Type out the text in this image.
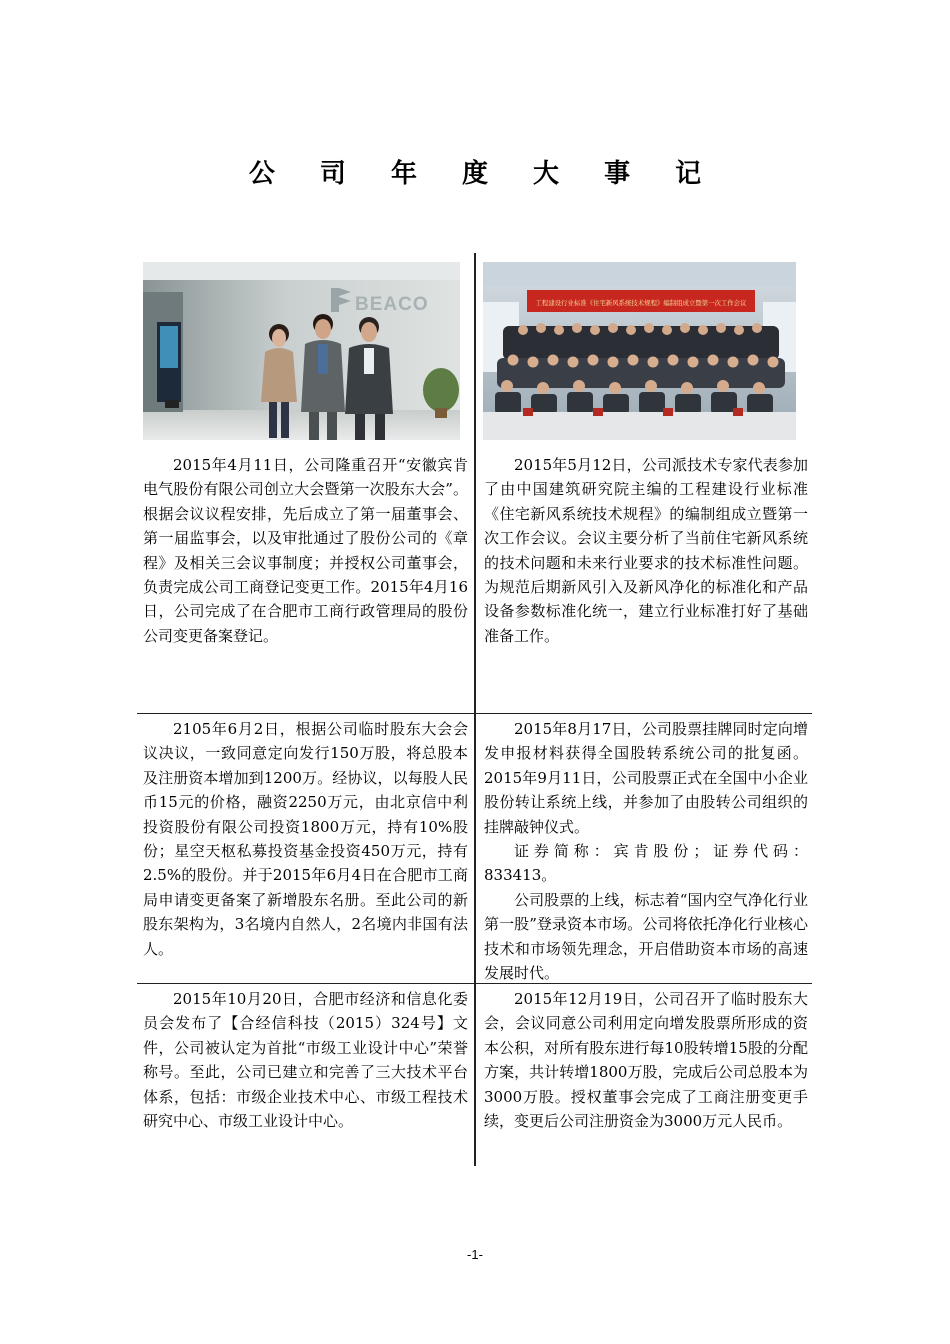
公 司 年 度 大 事 记
BEACO	工程建设行业标准《住宅新风系统技术规程》编制组成立暨第一次工作会议

2015年4月11日，公司隆重召开“安徽宾肯电气股份有限公司创立大会暨第一次股东大会”。根据会议议程安排，先后成立了第一届董事会、第一届监事会，以及审批通过了股份公司的《章程》及相关三会议事制度；并授权公司董事会，负责完成公司工商登记变更工作。2015年4月16日，公司完成了在合肥市工商行政管理局的股份公司变更备案登记。

2015年5月12日，公司派技术专家代表参加了由中国建筑研究院主编的工程建设行业标准《住宅新风系统技术规程》的编制组成立暨第一次工作会议。会议主要分析了当前住宅新风系统的技术问题和未来行业要求的技术标准性问题。为规范后期新风引入及新风净化的标准化和产品设备参数标准化统一，建立行业标准打好了基础准备工作。

2105年6月2日，根据公司临时股东大会会议决议，一致同意定向发行150万股，将总股本及注册资本增加到1200万。经协议，以每股人民币15元的价格，融资2250万元，由北京信中利投资股份有限公司投资1800万元，持有10%股份；星空天枢私募投资基金投资450万元，持有2.5%的股份。并于2015年6月4日在合肥市工商局申请变更备案了新增股东名册。至此公司的新股东架构为，3名境内自然人，2名境内非国有法人。

2015年8月17日，公司股票挂牌同时定向增发申报材料获得全国股转系统公司的批复函。2015年9月11日，公司股票正式在全国中小企业股份转让系统上线，并参加了由股转公司组织的挂牌敲钟仪式。

证券简称：宾肯股份；证券代码：833413。

公司股票的上线，标志着“国内空气净化行业第一股”登录资本市场。公司将依托净化行业核心技术和市场领先理念，开启借助资本市场的高速发展时代。

2015年10月20日，合肥市经济和信息化委员会发布了【合经信科技（2015）324号】文件，公司被认定为首批“市级工业设计中心”荣誉称号。至此，公司已建立和完善了三大技术平台体系，包括：市级企业技术中心、市级工程技术研究中心、市级工业设计中心。

2015年12月19日，公司召开了临时股东大会，会议同意公司利用定向增发股票所形成的资本公积，对所有股东进行每10股转增15股的分配方案，共计转增1800万股，完成后公司总股本为3000万股。授权董事会完成了工商注册变更手续，变更后公司注册资金为3000万元人民币。

-1-
